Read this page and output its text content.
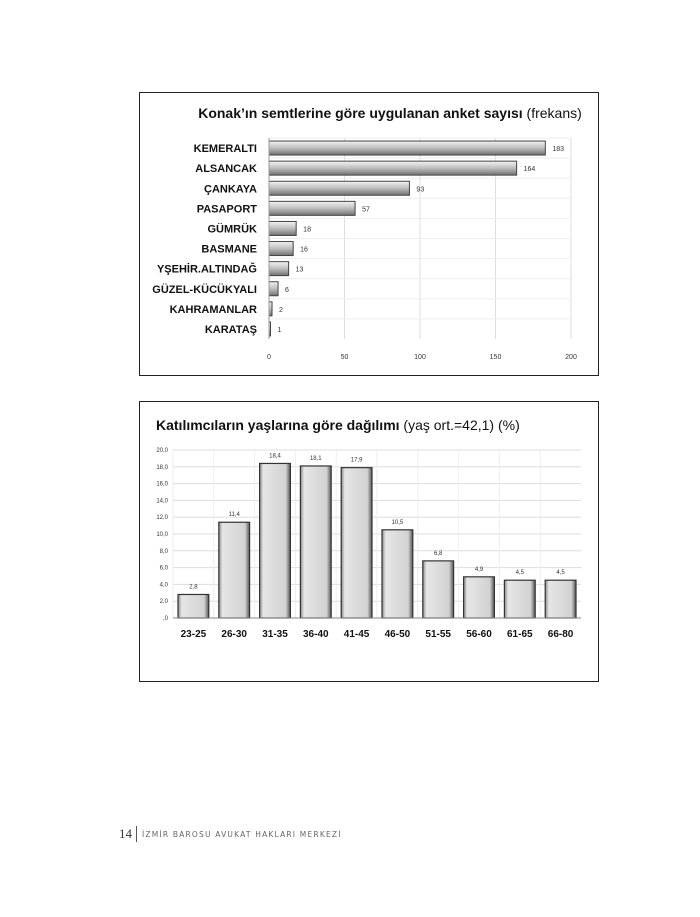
Konak’ın semtlerine göre uygulanan anket sayısı (frekans)
0	50	100	150	200
KEMERALTI	183
ALSANCAK	164
ÇANKAYA	93
PASAPORT	57
GÜMRÜK	18
BASMANE	16
YŞEHİR.ALTINDAĞ	13
GÜZEL-KÜCÜKYALI	6
KAHRAMANLAR	2
KARATAŞ	1
Katılımcıların yaşlarına göre dağılımı (yaş ort.=42,1) (%)
,0
2,0
4,0
6,0
8,0
10,0
12,0
14,0
16,0
18,0
20,0
2,8
23-25
11,4
26-30
18,4
31-35
18,1
36-40
17,9
41-45
10,5
46-50
6,8
51-55
4,9
56-60
4,5
61-65
4,5
66-80
14 İZMİR BAROSU AVUKAT HAKLARI MERKEZİ
